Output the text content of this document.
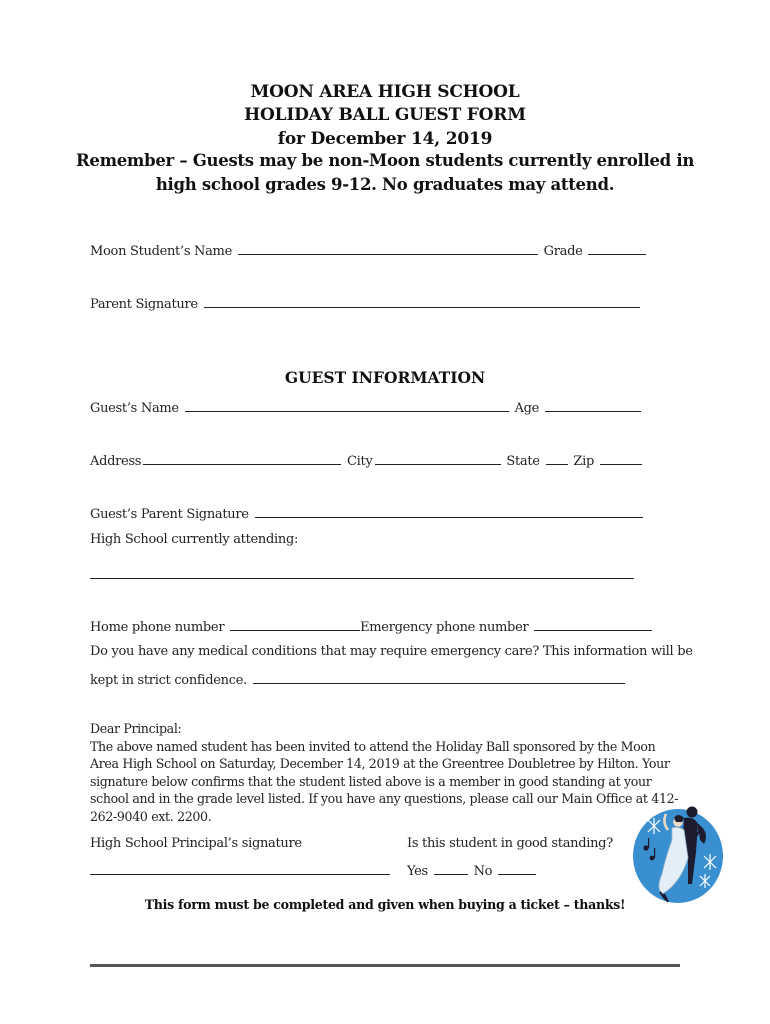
MOON AREA HIGH SCHOOL
HOLIDAY BALL GUEST FORM
for December 14, 2019
Remember – Guests may be non-Moon students currently enrolled in
high school grades 9-12. No graduates may attend.
Moon Student’s Name	Grade
Parent Signature
GUEST INFORMATION
Guest’s Name	Age
Address	City	State	Zip
Guest’s Parent Signature
High School currently attending:
Home phone number	Emergency phone number
Do you have any medical conditions that may require emergency care? This information will be
kept in strict confidence.

Dear Principal:

The above named student has been invited to attend the Holiday Ball sponsored by the Moon Area High School on Saturday, December 14, 2019 at the Greentree Doubletree by Hilton. Your signature below confirms that the student listed above is a member in good standing at your school and in the grade level listed. If you have any questions, please call our Main Office at 412-262-9040 ext. 2200.

High School Principal’s signature	Is this student in good standing?
Yes	No
This form must be completed and given when buying a ticket – thanks!
